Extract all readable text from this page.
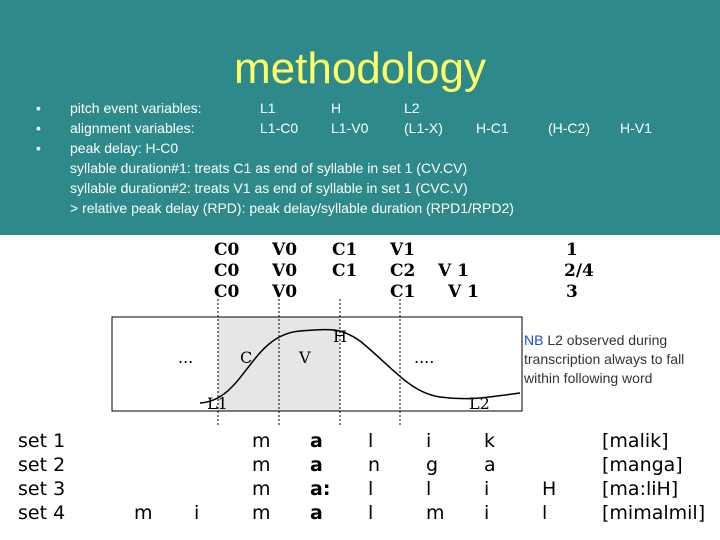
methodology
•
•
•
pitch event variables:	L1	H	L2
alignment variables:	L1-C0 L1-V0	(L1-X) H-C1	(H-C2) H-V1
peak delay: H-C0
syllable duration#1: treats C1 as end of syllable in set 1 (CV.CV)
syllable duration#2: treats V1 as end of syllable in set 1 (CVC.V)
> relative peak delay (RPD): peak delay/syllable duration (RPD1/RPD2)
C0 V0 C1 V1	1
C0 V0 C1 C2 V 1	2/4
C0 V0	C1 V 1	3
...	C	V
H
....
L1	L2
NB L2 observed during transcription always to fall within following word
set 1	m a l	i	k	[malik]
set 2	m a n g a	[manga]
set 3	m a: l	l	i	H [ma:liH]
set 4	m i	m a l	m i	l	[mimalmil]
